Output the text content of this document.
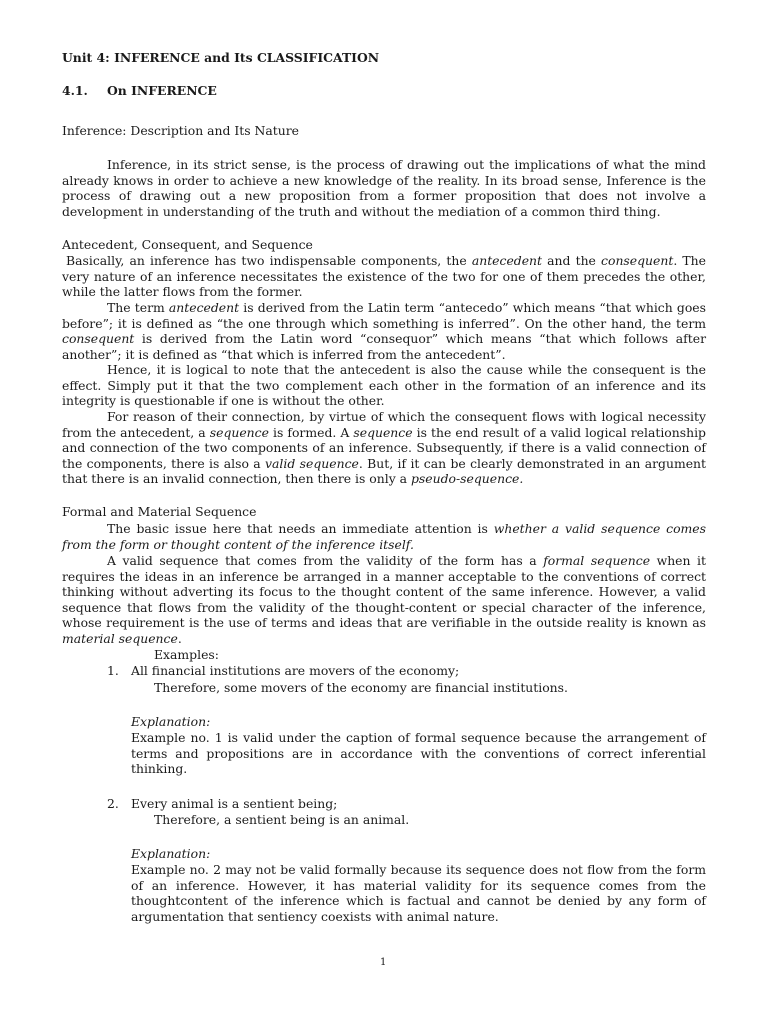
Unit 4: INFERENCE and Its CLASSIFICATION

4.1. On INFERENCE

Inference: Description and Its Nature

Inference, in its strict sense, is the process of drawing out the implications of what the mind already knows in order to achieve a new knowledge of the reality. In its broad sense, Inference is the process of drawing out a new proposition from a former proposition that does not involve a development in understanding of the truth and without the mediation of a common third thing.

Antecedent, Consequent, and Sequence

Basically, an inference has two indispensable components, the antecedent and the consequent. The very nature of an inference necessitates the existence of the two for one of them precedes the other, while the latter flows from the former.

The term antecedent is derived from the Latin term “antecedo” which means “that which goes before”; it is defined as “the one through which something is inferred”. On the other hand, the term consequent is derived from the Latin word “consequor” which means “that which follows after another”; it is defined as “that which is inferred from the antecedent”.

Hence, it is logical to note that the antecedent is also the cause while the consequent is the effect. Simply put it that the two complement each other in the formation of an inference and its integrity is questionable if one is without the other.

For reason of their connection, by virtue of which the consequent flows with logical necessity from the antecedent, a sequence is formed. A sequence is the end result of a valid logical relationship and connection of the two components of an inference. Subsequently, if there is a valid connection of the components, there is also a valid sequence. But, if it can be clearly demonstrated in an argument that there is an invalid connection, then there is only a pseudo-sequence.

Formal and Material Sequence

The basic issue here that needs an immediate attention is whether a valid sequence comes from the form or thought content of the inference itself.

A valid sequence that comes from the validity of the form has a formal sequence when it requires the ideas in an inference be arranged in a manner acceptable to the conventions of correct thinking without adverting its focus to the thought content of the same inference. However, a valid sequence that flows from the validity of the thought-content or special character of the inference, whose requirement is the use of terms and ideas that are verifiable in the outside reality is known as material sequence.

Examples:

1. All financial institutions are movers of the economy;

Therefore, some movers of the economy are financial institutions.

Explanation:

Example no. 1 is valid under the caption of formal sequence because the arrangement of terms and propositions are in accordance with the conventions of correct inferential thinking.

2. Every animal is a sentient being;

Therefore, a sentient being is an animal.

Explanation:

Example no. 2 may not be valid formally because its sequence does not flow from the form of an inference. However, it has material validity for its sequence comes from the thoughtcontent of the inference which is factual and cannot be denied by any form of argumentation that sentiency coexists with animal nature.

1
